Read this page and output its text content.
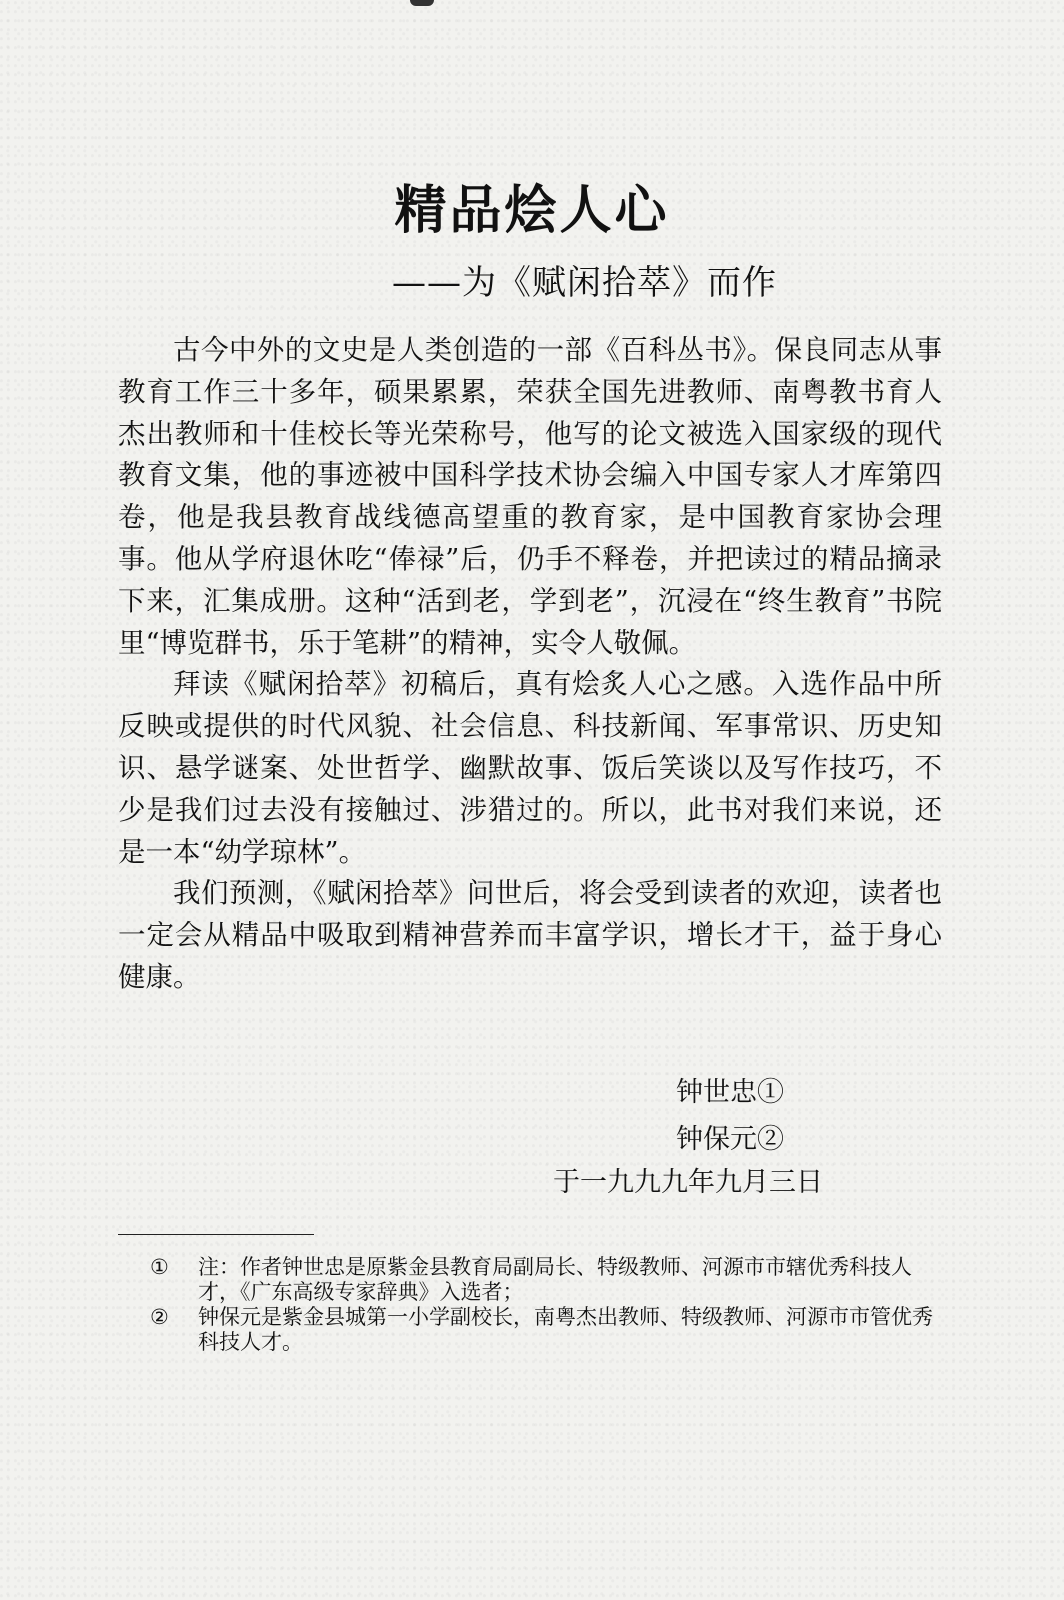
精品烩人心
——为《赋闲拾萃》而作

古今中外的文史是人类创造的一部《百科丛书》。保良同志从事教育工作三十多年，硕果累累，荣获全国先进教师、南粤教书育人杰出教师和十佳校长等光荣称号，他写的论文被选入国家级的现代教育文集，他的事迹被中国科学技术协会编入中国专家人才库第四卷，他是我县教育战线德高望重的教育家，是中国教育家协会理事。他从学府退休吃“俸禄”后，仍手不释卷，并把读过的精品摘录下来，汇集成册。这种“活到老，学到老”，沉浸在“终生教育”书院里“博览群书，乐于笔耕”的精神，实令人敬佩。

拜读《赋闲拾萃》初稿后，真有烩炙人心之感。入选作品中所反映或提供的时代风貌、社会信息、科技新闻、军事常识、历史知识、悬学谜案、处世哲学、幽默故事、饭后笑谈以及写作技巧，不少是我们过去没有接触过、涉猎过的。所以，此书对我们来说，还是一本“幼学琼林”。

我们预测，《赋闲拾萃》问世后，将会受到读者的欢迎，读者也一定会从精品中吸取到精神营养而丰富学识，增长才干，益于身心健康。

钟世忠①
钟保元②
于一九九九年九月三日
①	注：作者钟世忠是原紫金县教育局副局长、特级教师、河源市市辖优秀科技人才，《广东高级专家辞典》入选者；
②	钟保元是紫金县城第一小学副校长，南粤杰出教师、特级教师、河源市市管优秀科技人才。
